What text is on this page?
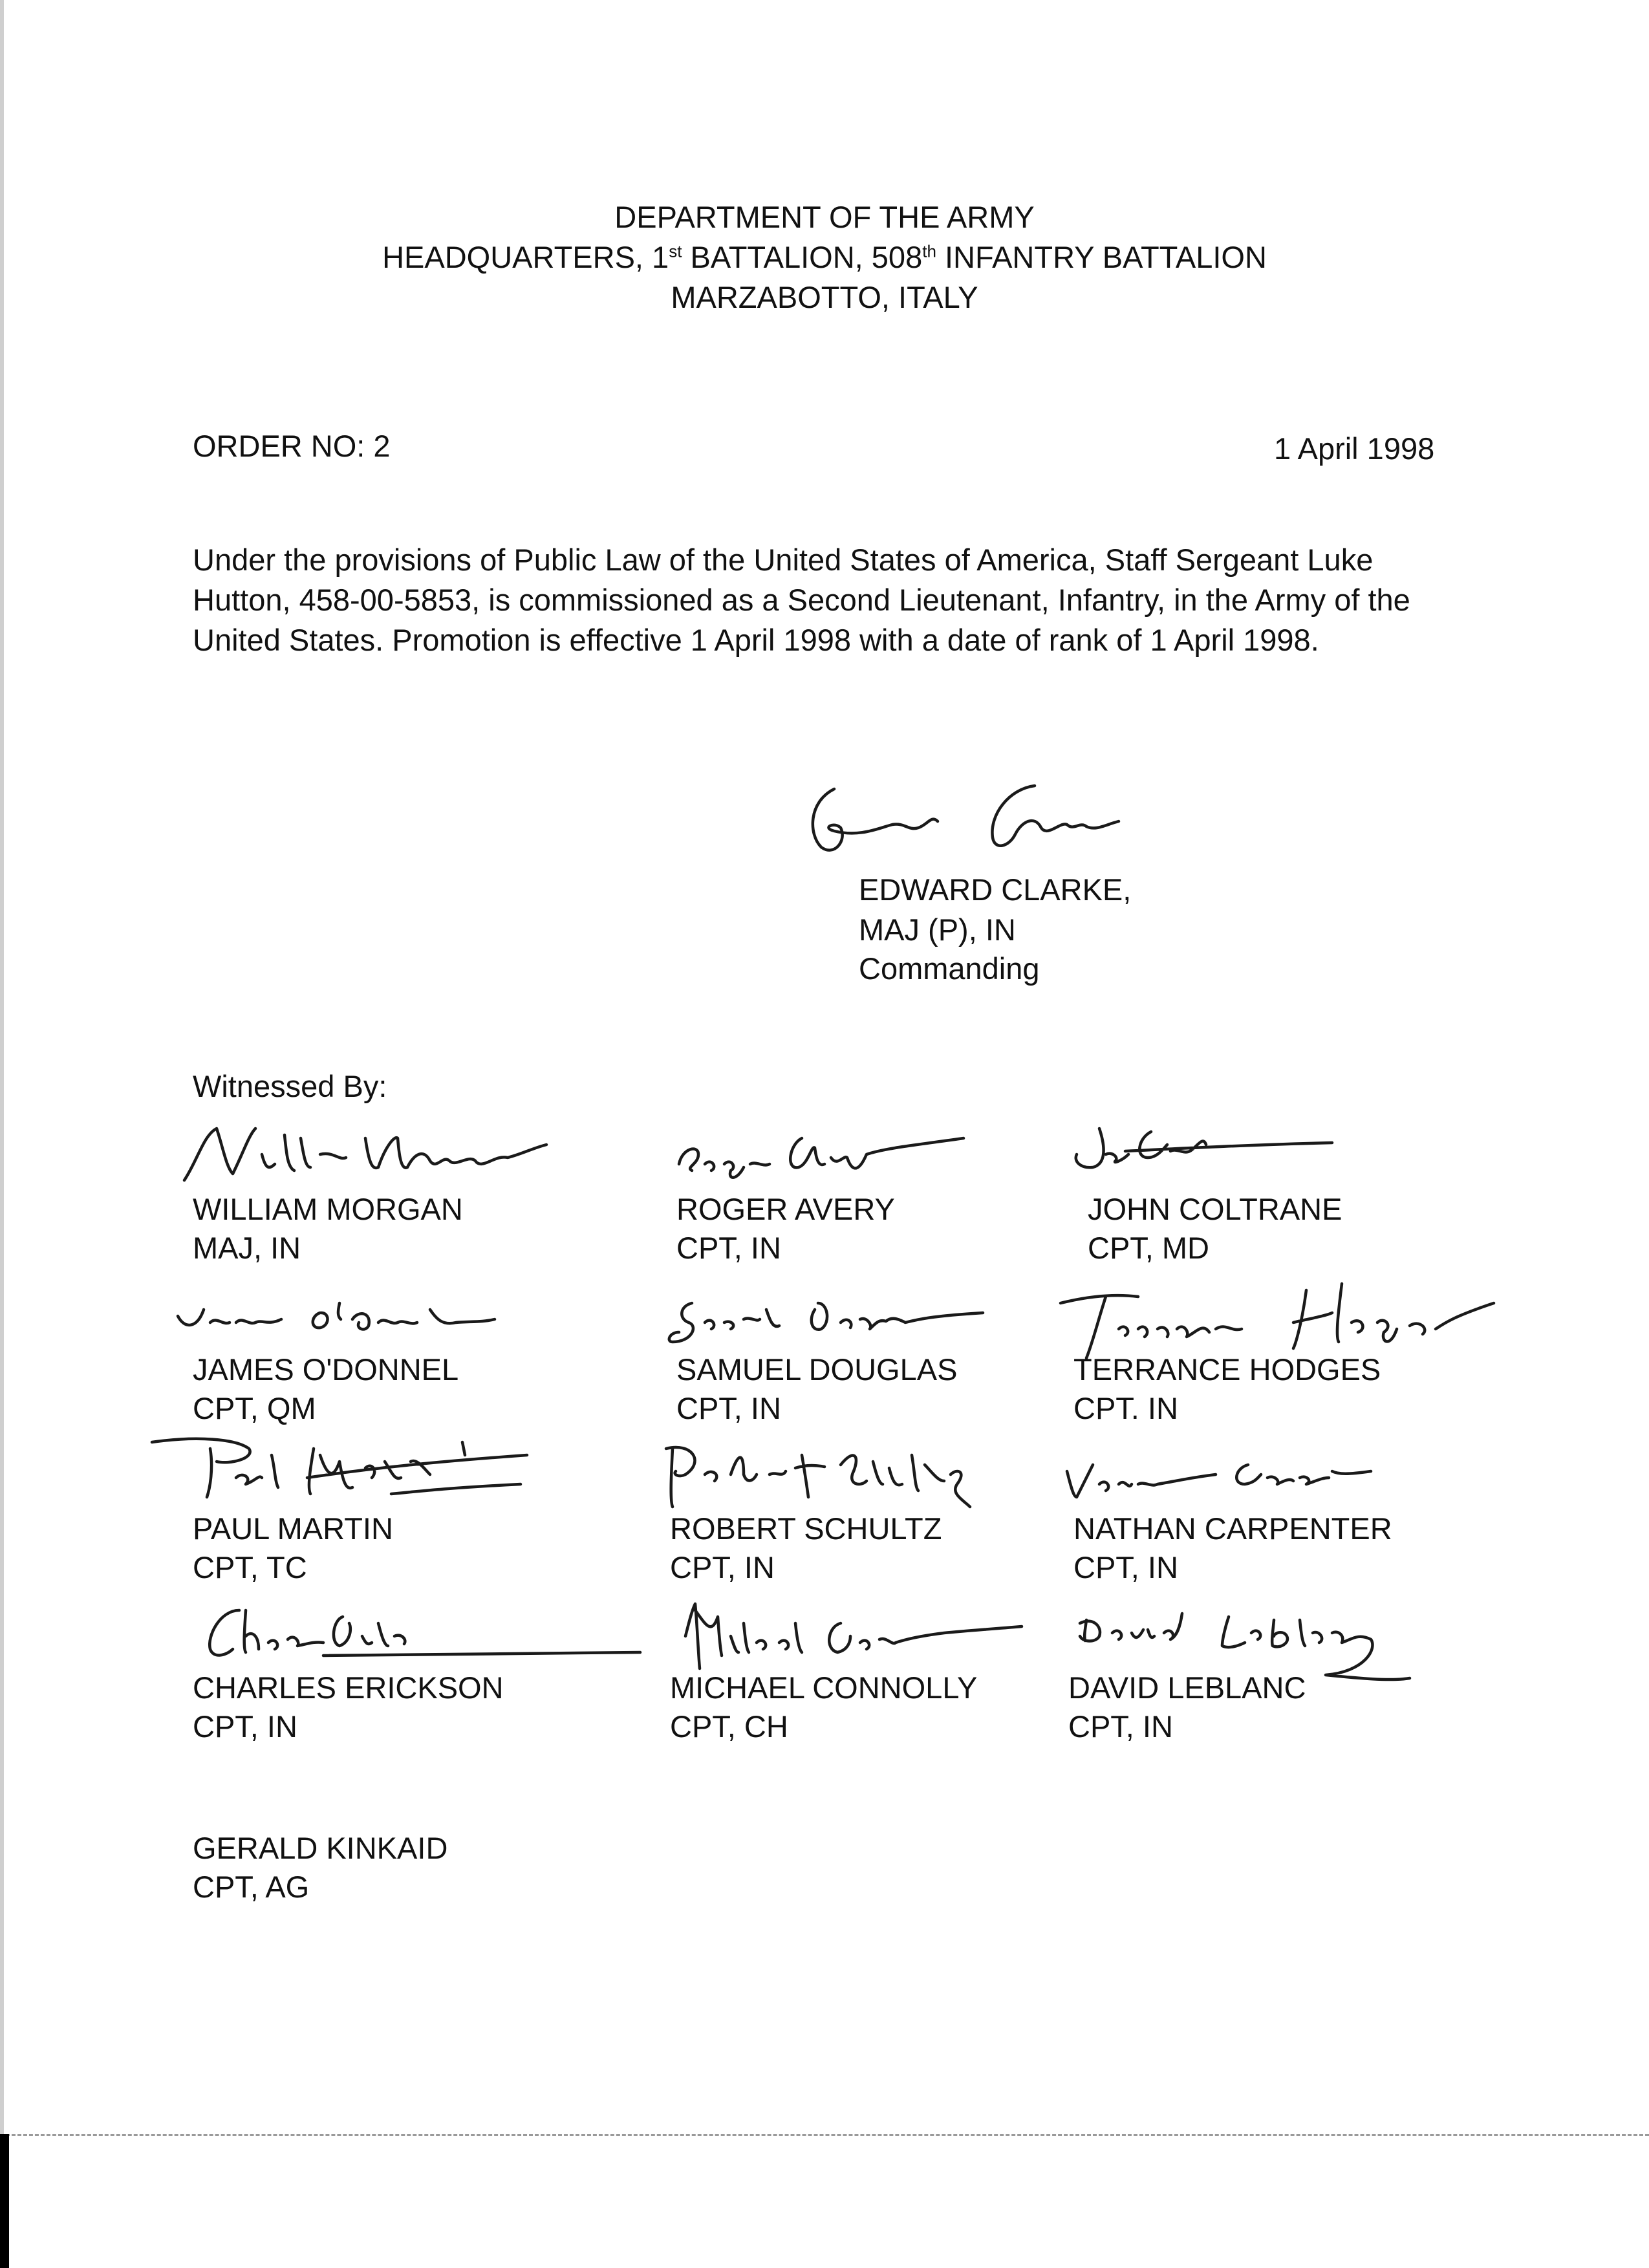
DEPARTMENT OF THE ARMY
HEADQUARTERS, 1st BATTALION, 508th INFANTRY BATTALION
MARZABOTTO, ITALY
ORDER NO: 2	1 April 1998
Under the provisions of Public Law of the United States of America, Staff Sergeant Luke Hutton, 458-00-5853, is commissioned as a Second Lieutenant, Infantry, in the Army of the United States. Promotion is effective 1 April 1998 with a date of rank of 1 April 1998.
EDWARD CLARKE,
MAJ (P), IN
Commanding
Witnessed By:
WILLIAM MORGAN
MAJ, IN
ROGER AVERY
CPT, IN
JOHN COLTRANE
CPT, MD
JAMES O'DONNEL
CPT, QM
SAMUEL DOUGLAS
CPT, IN
TERRANCE HODGES
CPT. IN
PAUL MARTIN
CPT, TC
ROBERT SCHULTZ
CPT, IN
NATHAN CARPENTER
CPT, IN
CHARLES ERICKSON
CPT, IN
MICHAEL CONNOLLY
CPT, CH
DAVID LEBLANC
CPT, IN
GERALD KINKAID
CPT, AG
